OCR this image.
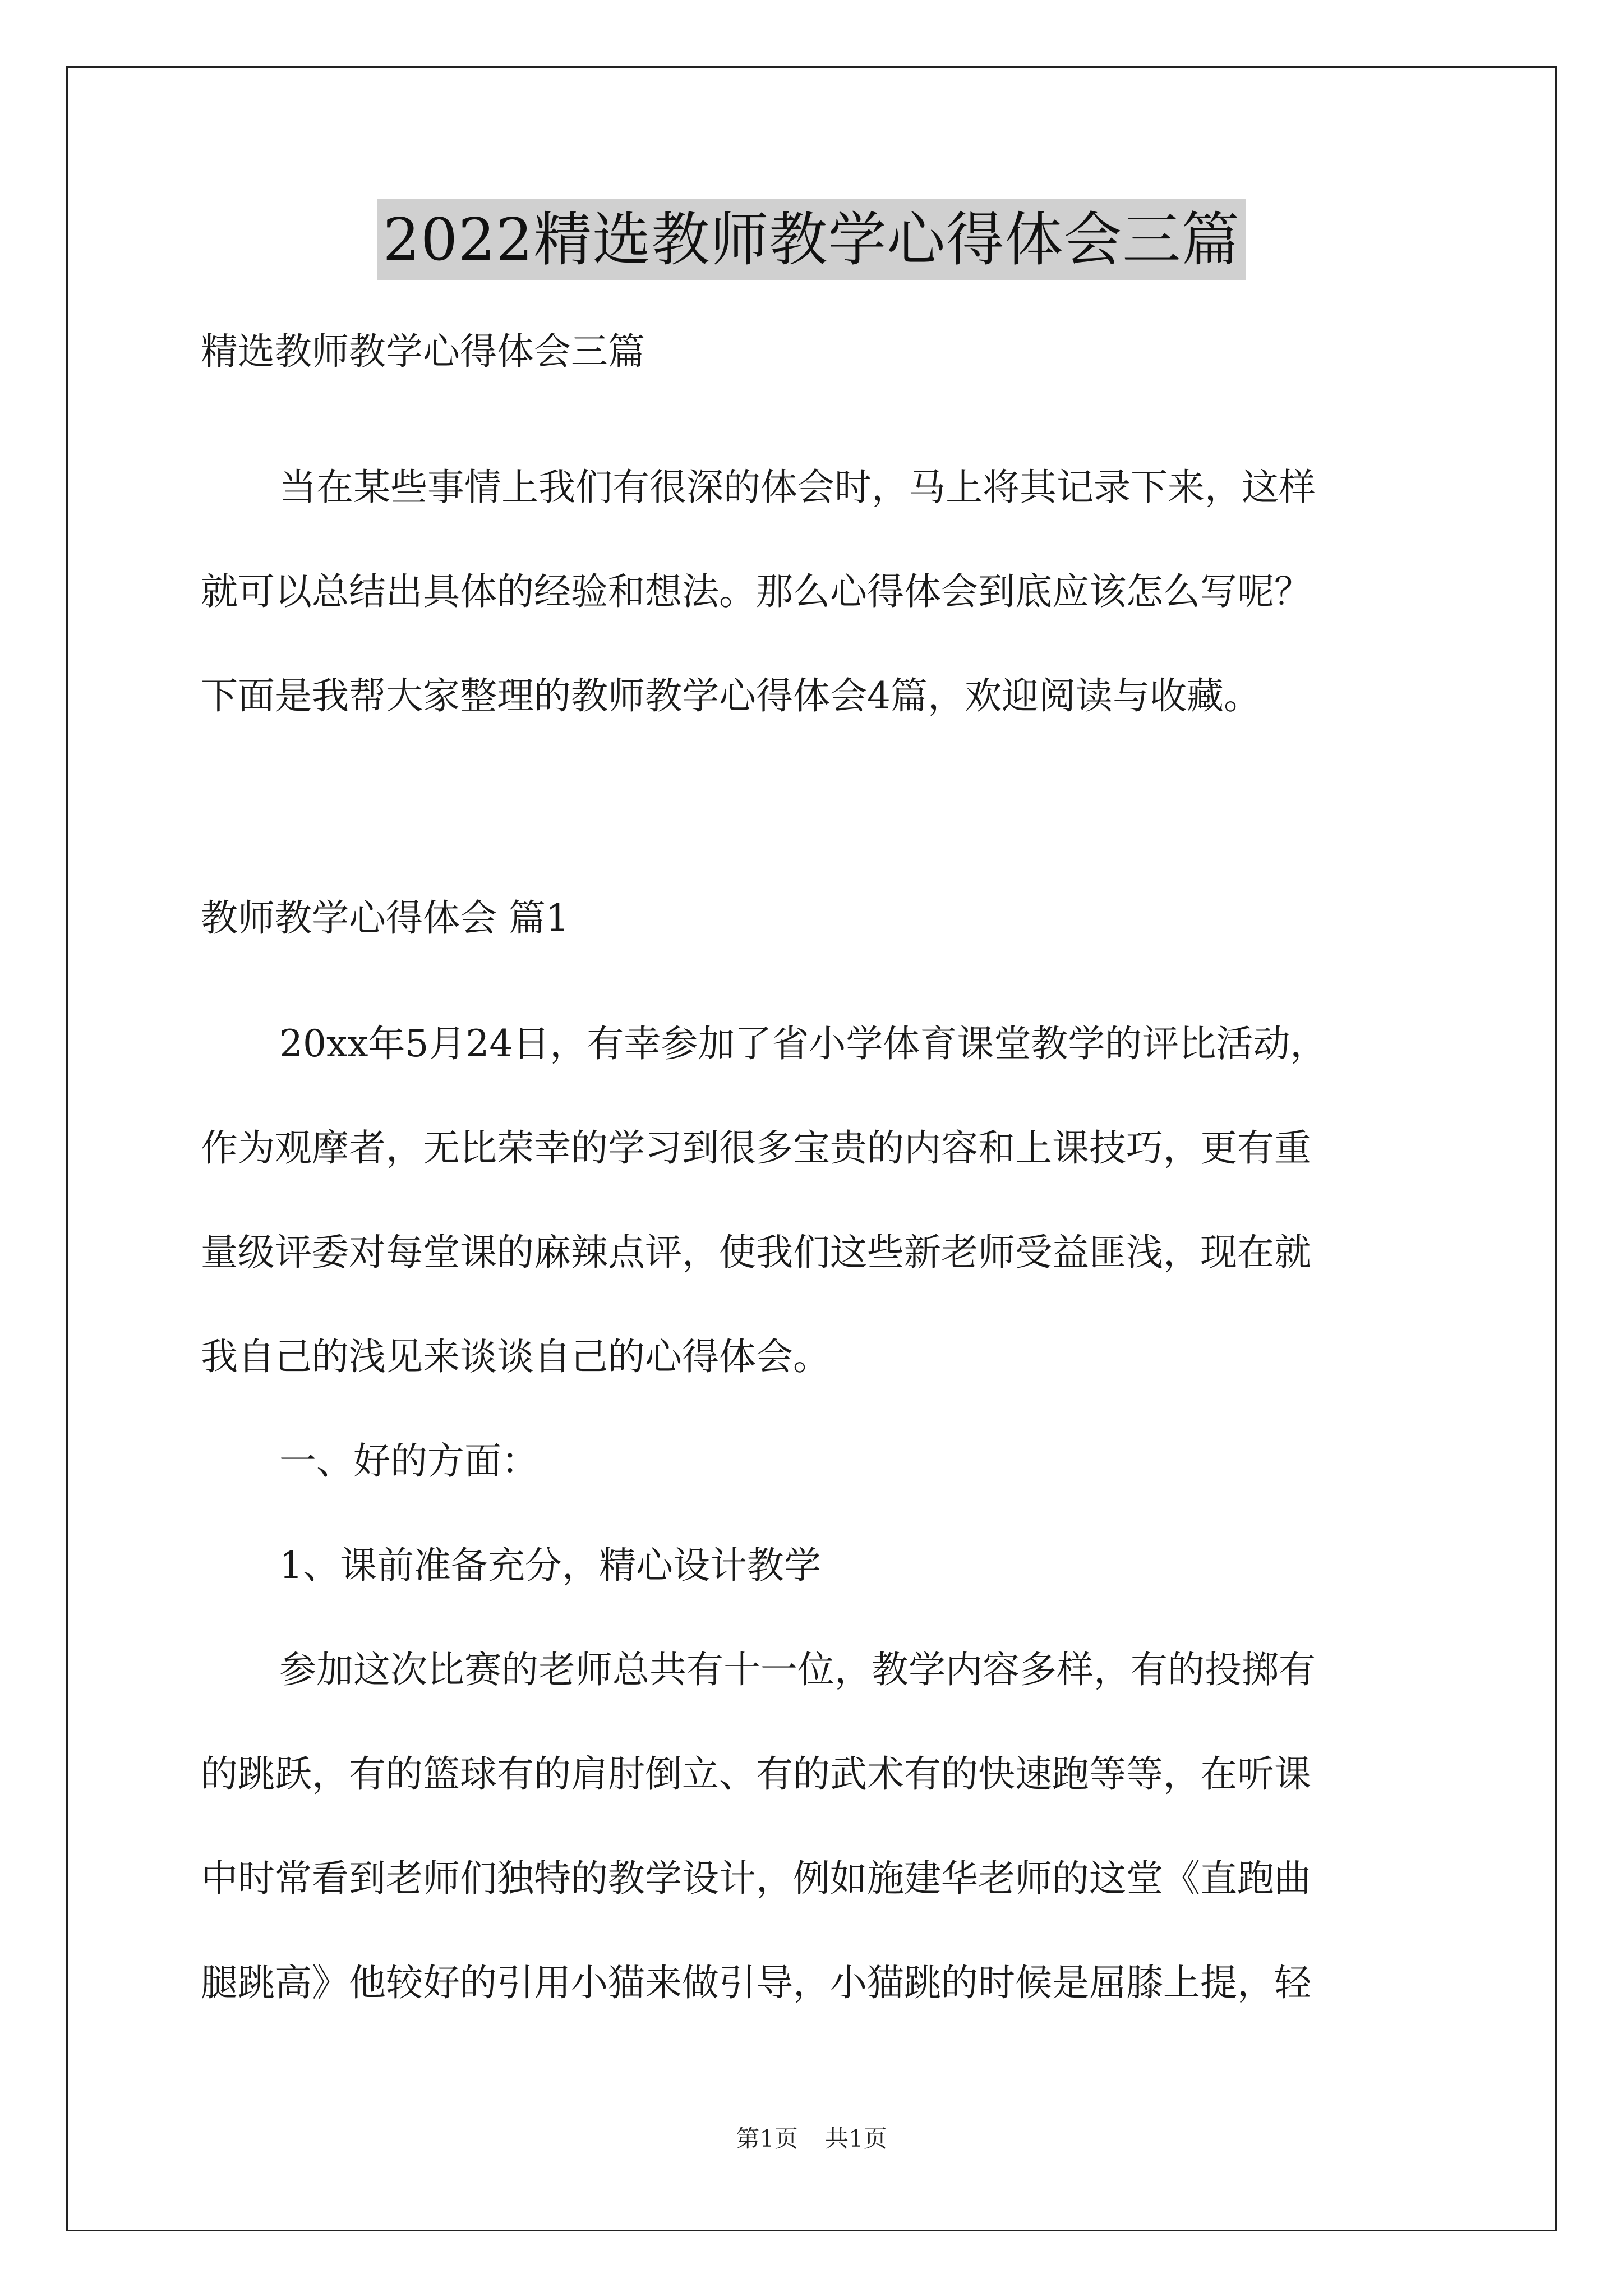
2022精选教师教学心得体会三篇

精选教师教学心得体会三篇

当在某些事情上我们有很深的体会时，马上将其记录下来，这样

就可以总结出具体的经验和想法。那么心得体会到底应该怎么写呢？

下面是我帮大家整理的教师教学心得体会4篇，欢迎阅读与收藏。

教师教学心得体会 篇1

20xx年5月24日，有幸参加了省小学体育课堂教学的评比活动，

作为观摩者，无比荣幸的学习到很多宝贵的内容和上课技巧，更有重

量级评委对每堂课的麻辣点评，使我们这些新老师受益匪浅，现在就

我自己的浅见来谈谈自己的心得体会。

一、好的方面：

1、课前准备充分，精心设计教学

参加这次比赛的老师总共有十一位，教学内容多样，有的投掷有

的跳跃，有的篮球有的肩肘倒立、有的武术有的快速跑等等，在听课

中时常看到老师们独特的教学设计，例如施建华老师的这堂《直跑曲

腿跳高》他较好的引用小猫来做引导，小猫跳的时候是屈膝上提，轻

第1页 共1页
